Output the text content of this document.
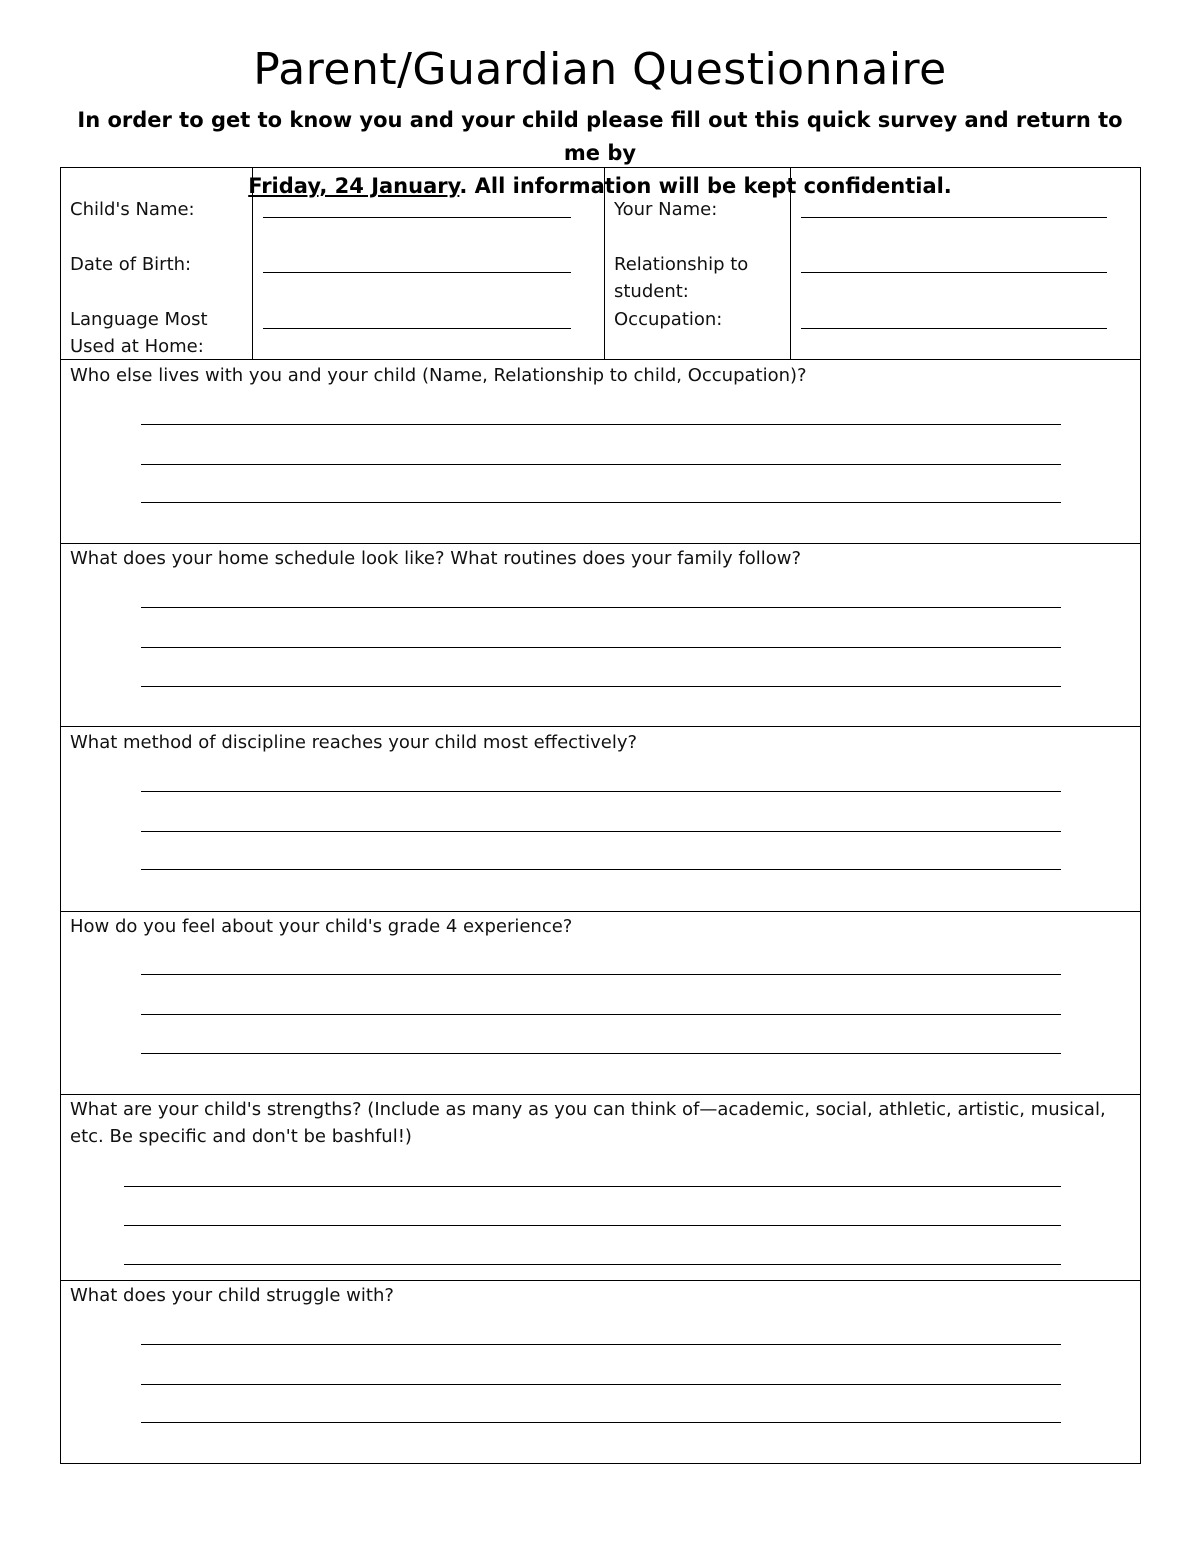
Parent/Guardian Questionnaire
In order to get to know you and your child please fill out this quick survey and return to me by
Friday, 24 January. All information will be kept confidential.
Child's Name:
Date of Birth:
Language Most Used at Home:
Your Name:
Relationship to student:
Occupation:
Who else lives with you and your child (Name, Relationship to child, Occupation)?
What does your home schedule look like? What routines does your family follow?
What method of discipline reaches your child most effectively?
How do you feel about your child's grade 4 experience?
What are your child's strengths? (Include as many as you can think of—academic, social, athletic, artistic, musical, etc. Be specific and don't be bashful!)
What does your child struggle with?
